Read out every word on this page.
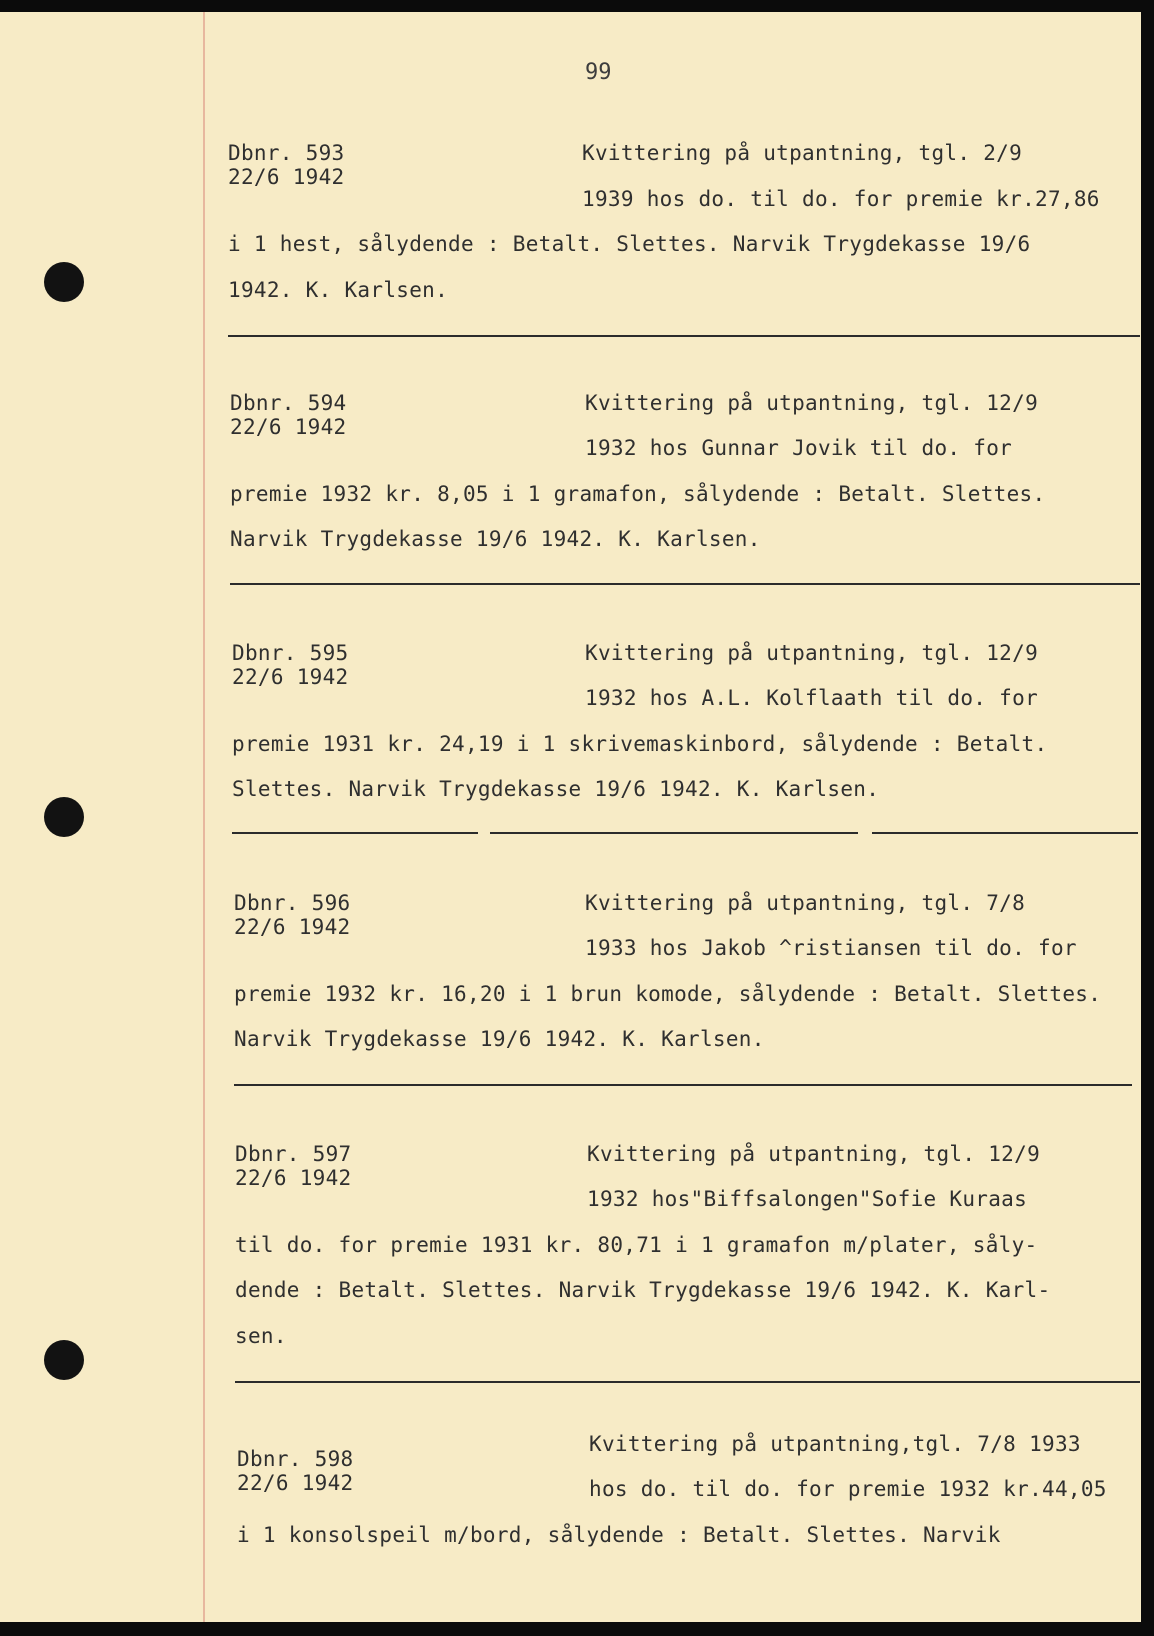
99
Dbnr. 593
22/6 1942
Kvittering på utpantning, tgl. 2/9
1939 hos do. til do. for premie kr.27,86
i 1 hest, sålydende : Betalt. Slettes. Narvik Trygdekasse 19/6
1942. K. Karlsen.
Dbnr. 594
22/6 1942
Kvittering på utpantning, tgl. 12/9
1932 hos Gunnar Jovik til do. for
premie 1932 kr. 8,05 i 1 gramafon, sålydende : Betalt. Slettes.
Narvik Trygdekasse 19/6 1942. K. Karlsen.
Dbnr. 595
22/6 1942
Kvittering på utpantning, tgl. 12/9
1932 hos A.L. Kolflaath til do. for
premie 1931 kr. 24,19 i 1 skrivemaskinbord, sålydende : Betalt.
Slettes. Narvik Trygdekasse 19/6 1942. K. Karlsen.
Dbnr. 596
22/6 1942
Kvittering på utpantning, tgl. 7/8
1933 hos Jakob ^ristiansen til do. for
premie 1932 kr. 16,20 i 1 brun komode, sålydende : Betalt. Slettes.
Narvik Trygdekasse 19/6 1942. K. Karlsen.
Dbnr. 597
22/6 1942
Kvittering på utpantning, tgl. 12/9
1932 hos"Biffsalongen"Sofie Kuraas
til do. for premie 1931 kr. 80,71 i 1 gramafon m/plater, såly-
dende : Betalt. Slettes. Narvik Trygdekasse 19/6 1942. K. Karl-
sen.
Dbnr. 598
22/6 1942
Kvittering på utpantning,tgl. 7/8 1933
hos do. til do. for premie 1932 kr.44,05
i 1 konsolspeil m/bord, sålydende : Betalt. Slettes. Narvik
